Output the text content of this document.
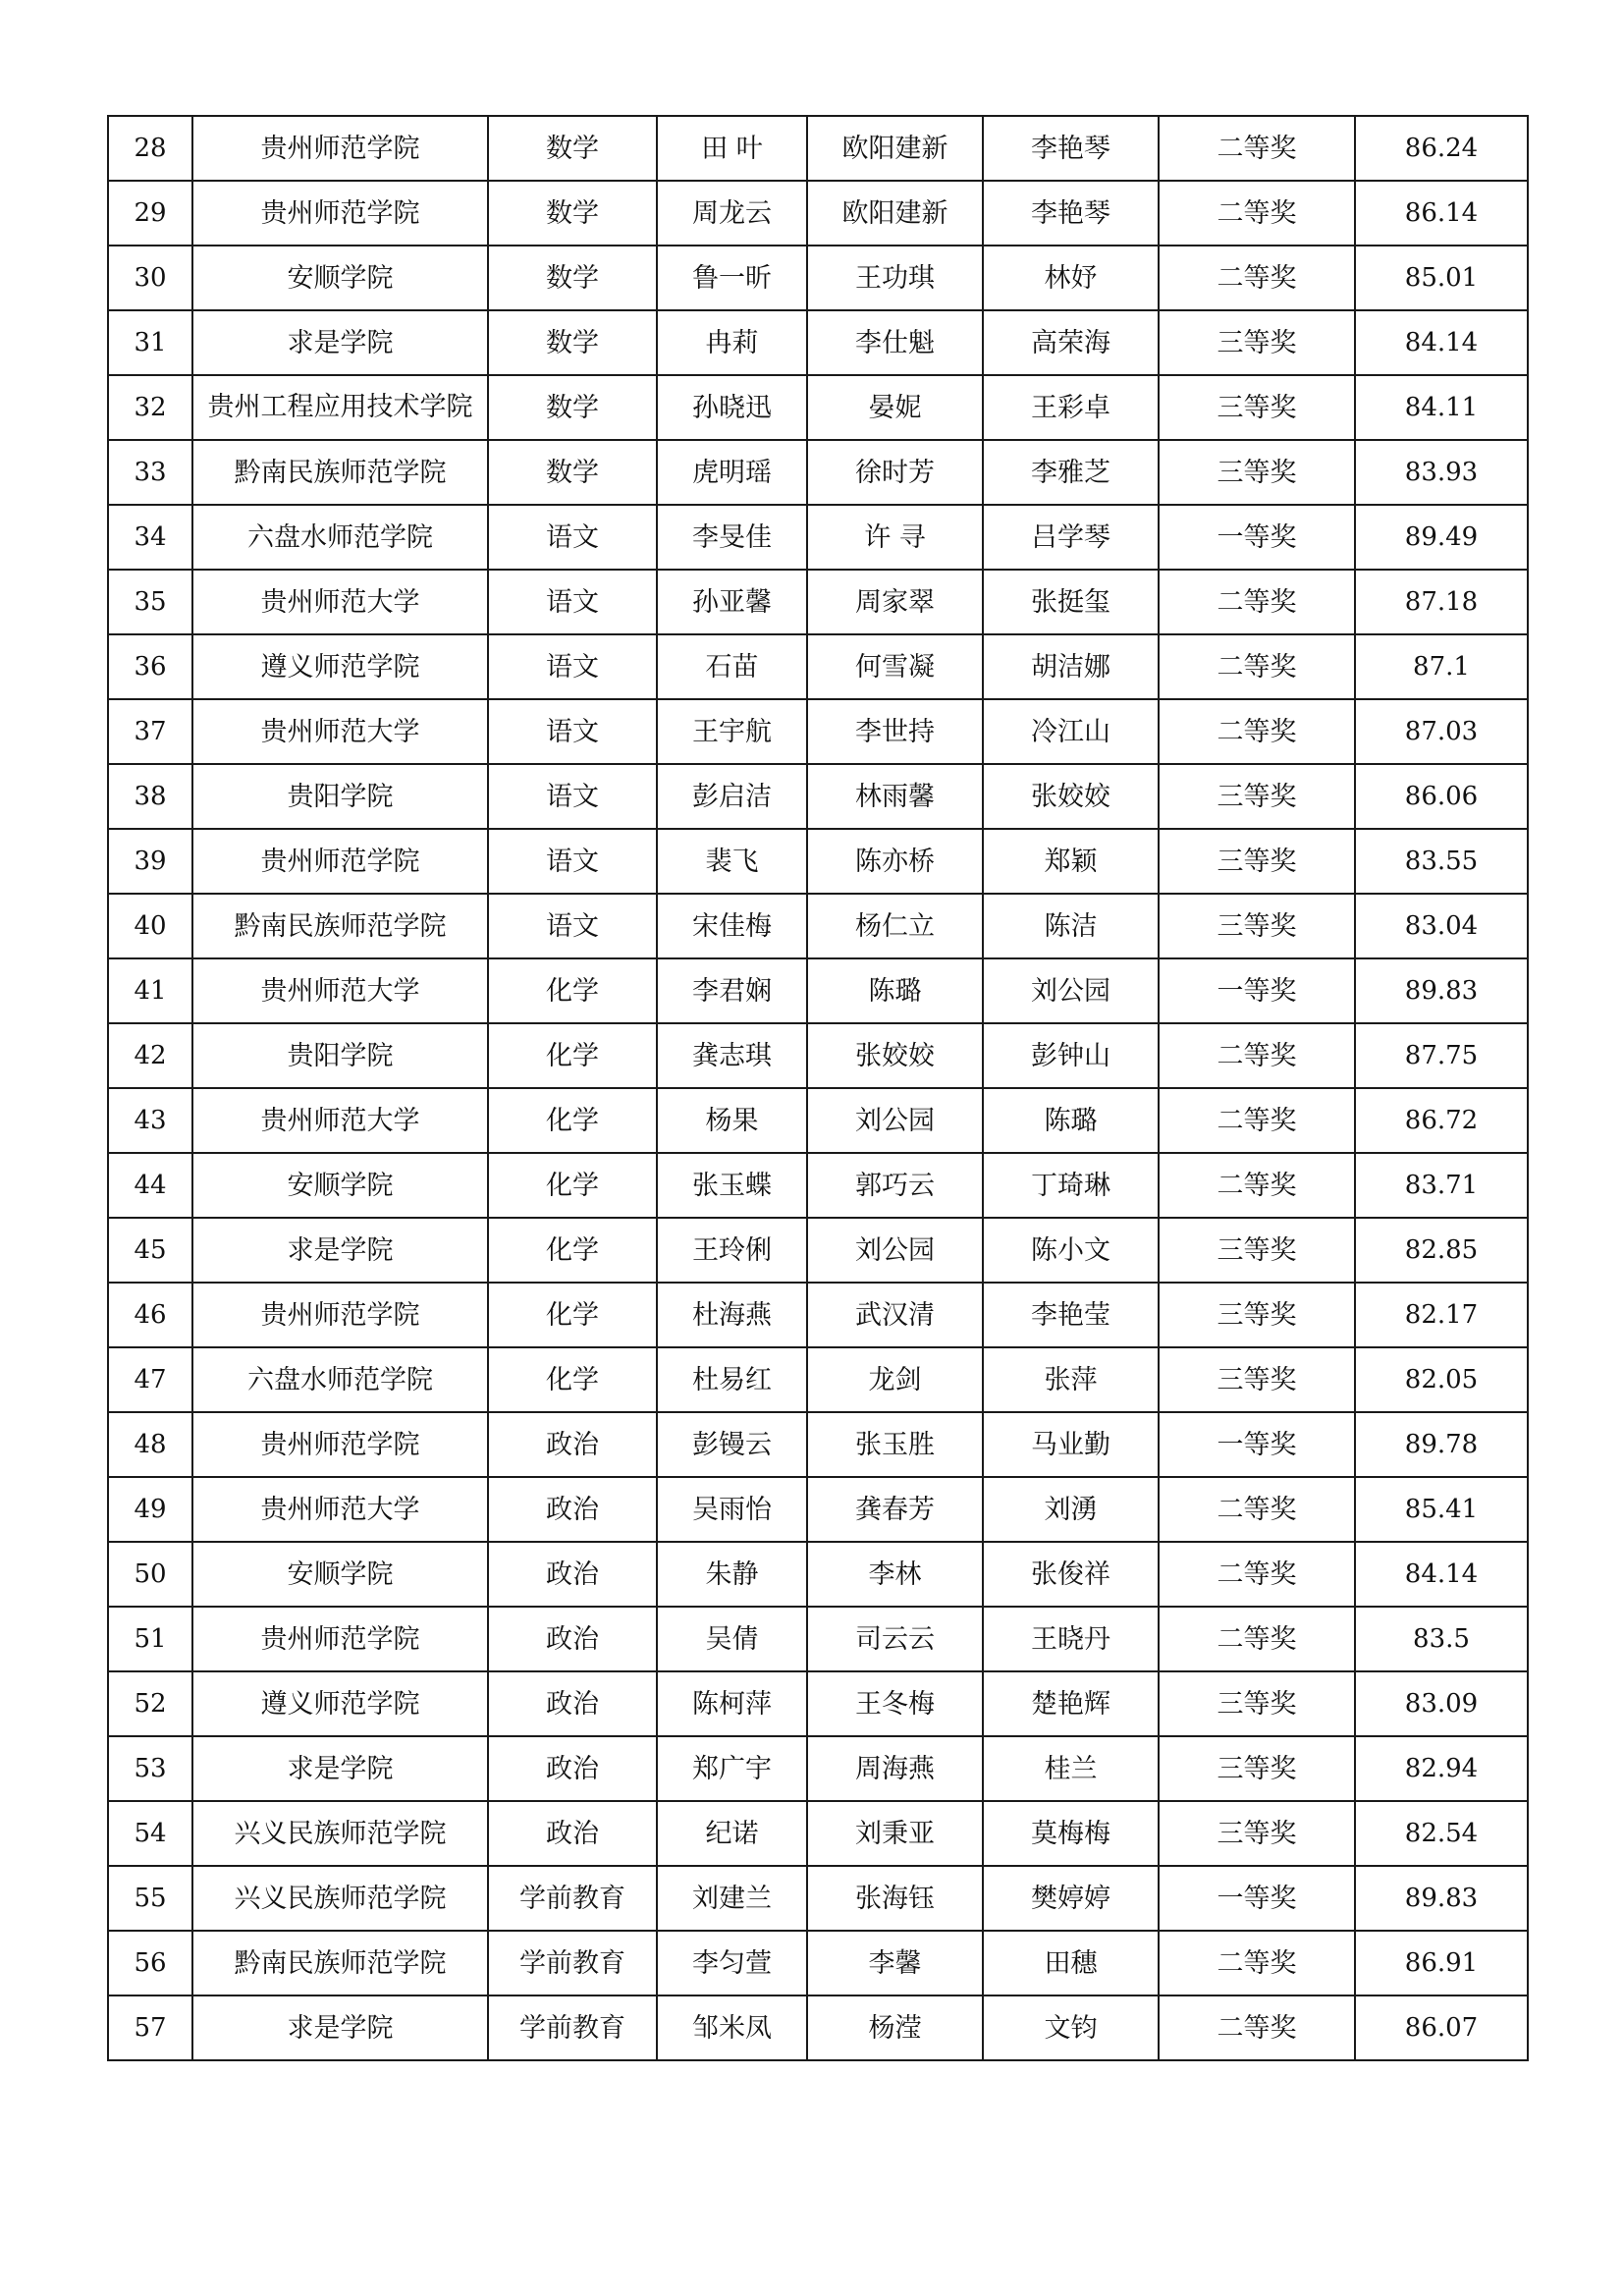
28	贵州师范学院	数学	田 叶	欧阳建新	李艳琴	二等奖	86.24
29	贵州师范学院	数学	周龙云	欧阳建新	李艳琴	二等奖	86.14
30	安顺学院	数学	鲁一昕	王功琪	林妤	二等奖	85.01
31	求是学院	数学	冉莉	李仕魁	高荣海	三等奖	84.14
32	贵州工程应用技术学院	数学	孙晓迅	晏妮	王彩卓	三等奖	84.11
33	黔南民族师范学院	数学	虎明瑶	徐时芳	李雅芝	三等奖	83.93
34	六盘水师范学院	语文	李旻佳	许 寻	吕学琴	一等奖	89.49
35	贵州师范大学	语文	孙亚馨	周家翠	张挺玺	二等奖	87.18
36	遵义师范学院	语文	石苗	何雪凝	胡洁娜	二等奖	87.1
37	贵州师范大学	语文	王宇航	李世持	冷江山	二等奖	87.03
38	贵阳学院	语文	彭启洁	林雨馨	张姣姣	三等奖	86.06
39	贵州师范学院	语文	裴飞	陈亦桥	郑颖	三等奖	83.55
40	黔南民族师范学院	语文	宋佳梅	杨仁立	陈洁	三等奖	83.04
41	贵州师范大学	化学	李君娴	陈璐	刘公园	一等奖	89.83
42	贵阳学院	化学	龚志琪	张姣姣	彭钟山	二等奖	87.75
43	贵州师范大学	化学	杨果	刘公园	陈璐	二等奖	86.72
44	安顺学院	化学	张玉蝶	郭巧云	丁琦琳	二等奖	83.71
45	求是学院	化学	王玲俐	刘公园	陈小文	三等奖	82.85
46	贵州师范学院	化学	杜海燕	武汉清	李艳莹	三等奖	82.17
47	六盘水师范学院	化学	杜易红	龙剑	张萍	三等奖	82.05
48	贵州师范学院	政治	彭镘云	张玉胜	马业勤	一等奖	89.78
49	贵州师范大学	政治	吴雨怡	龚春芳	刘湧	二等奖	85.41
50	安顺学院	政治	朱静	李林	张俊祥	二等奖	84.14
51	贵州师范学院	政治	吴倩	司云云	王晓丹	二等奖	83.5
52	遵义师范学院	政治	陈柯萍	王冬梅	楚艳辉	三等奖	83.09
53	求是学院	政治	郑广宇	周海燕	桂兰	三等奖	82.94
54	兴义民族师范学院	政治	纪诺	刘秉亚	莫梅梅	三等奖	82.54
55	兴义民族师范学院	学前教育	刘建兰	张海钰	樊婷婷	一等奖	89.83
56	黔南民族师范学院	学前教育	李匀萱	李馨	田穗	二等奖	86.91
57	求是学院	学前教育	邹米凤	杨滢	文钧	二等奖	86.07
